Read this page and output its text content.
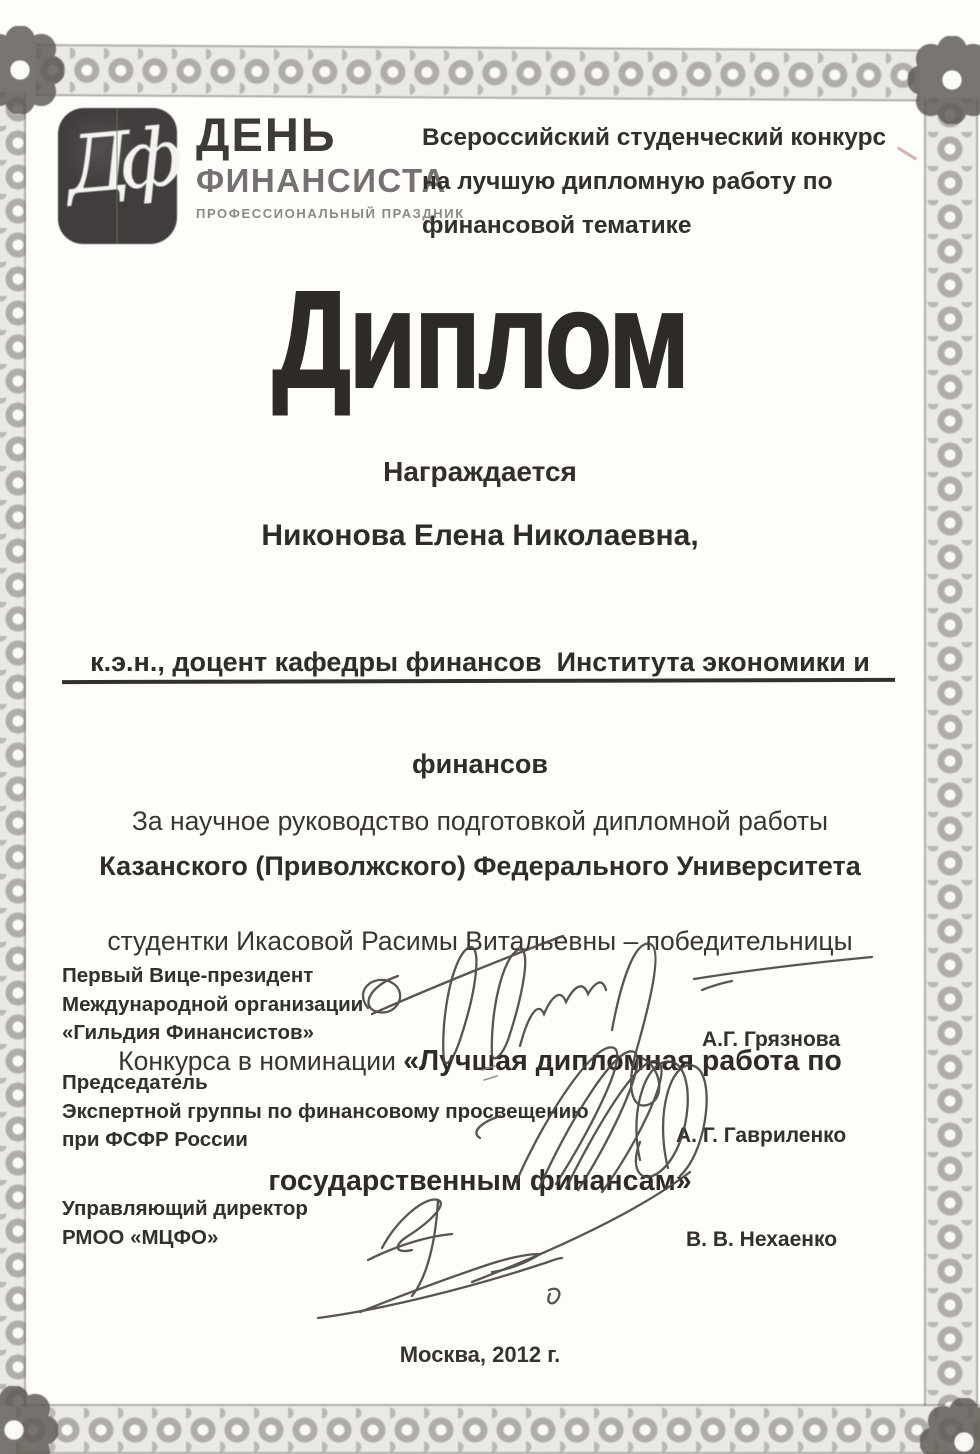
Дф ДЕНЬ
ФИНАНСИСТА
ПРОФЕССИОНАЛЬНЫЙ ПРАЗДНИК
Всероссийский студенческий конкурс
на лучшую дипломную работу по
финансовой тематике
Диплом
Награждается
Никонова Елена Николаевна,

к.э.н., доцент кафедры финансов  Института экономики и

финансов

Казанского (Приволжского) Федерального Университета

За научное руководство подготовкой дипломной работы

студентки Икасовой Расимы Витальевны – победительницы

Конкурса в номинации «Лучшая дипломная работа по

государственным финансам»

Первый Вице-президент
Международной организации
«Гильдия Финансистов»	А.Г. Грязнова
Председатель
Экспертной группы по финансовому просвещению
при ФСФР России	А. Г. Гавриленко
Управляющий директор
РМОО «МЦФО»	В. В. Нехаенко
Москва, 2012 г.
